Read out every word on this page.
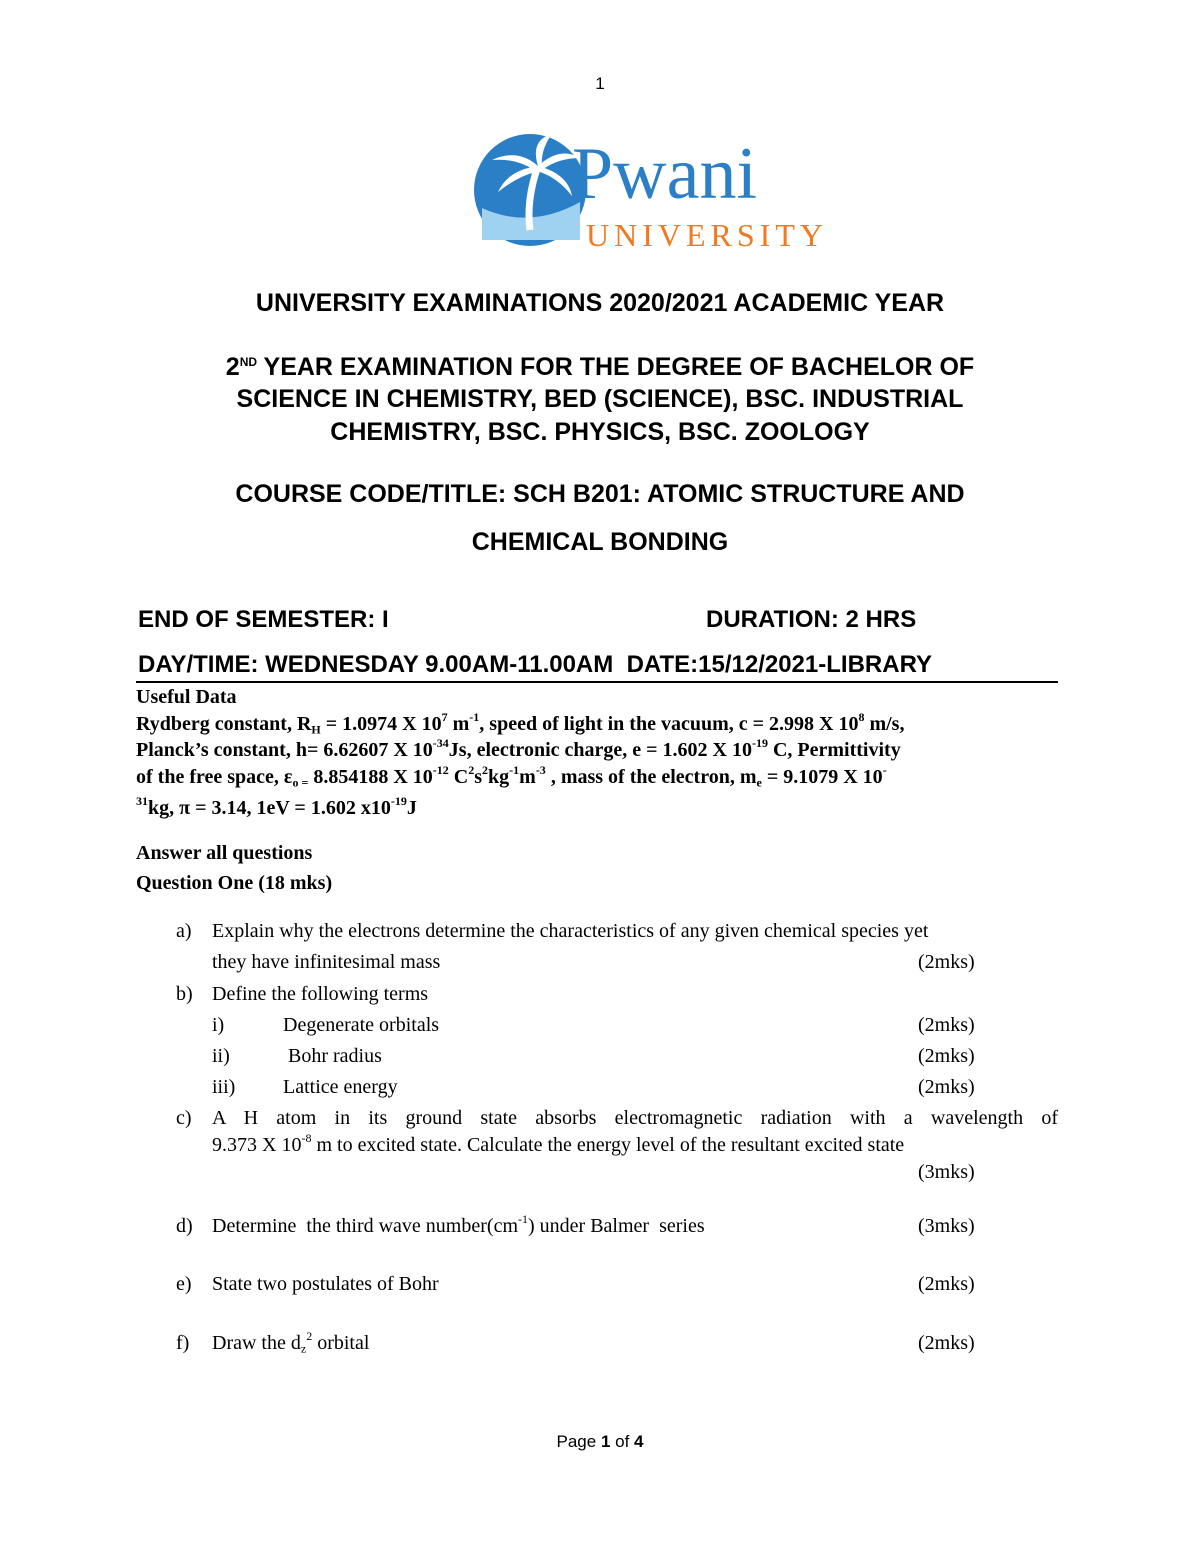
1
Pwani
UNIVERSITY
UNIVERSITY EXAMINATIONS 2020/2021 ACADEMIC YEAR
2ND YEAR EXAMINATION FOR THE DEGREE OF BACHELOR OF
SCIENCE IN CHEMISTRY, BED (SCIENCE), BSC. INDUSTRIAL
CHEMISTRY, BSC. PHYSICS, BSC. ZOOLOGY
COURSE CODE/TITLE: SCH B201: ATOMIC STRUCTURE AND
CHEMICAL BONDING
END OF SEMESTER: I	DURATION: 2 HRS
DAY/TIME: WEDNESDAY 9.00AM-11.00AM  DATE:15/12/2021-LIBRARY
Useful Data
Rydberg constant, $R_H = 1.0974$ X $10^7$ $m^{-1}$, speed of light in the vacuum, c = 2.998 X $10^8$ m/s,
Planck’s constant, h= 6.62607 X $10^{-34}Js$, electronic charge, e = 1.602 X $10^{-19}$ C, Permittivity
of the free space, $\varepsilon_{o =}$ 8.854188 X $10^{-12}$ $C^2s^2kg^{-1}m^{-3}$ , mass of the electron, $m_e = 9.1079$ X 10-
$^{31}$kg, π = 3.14, 1eV = 1.602 $x10^{-19}J$
Answer all questions
Question One (18 mks)
a) Explain why the electrons determine the characteristics of any given chemical species yet
they have infinitesimal mass	(2mks)
b) Define the following terms
i)	Degenerate orbitals	(2mks)
ii)	Bohr radius	(2mks)
iii) Lattice energy	(2mks)
c) A H atom in its ground state absorbs electromagnetic radiation with a wavelength of
9.373 X $10^{-8}$ m to excited state. Calculate the energy level of the resultant excited state
(3mks)
d) Determine  the third wave $number(cm^{-1})$ under Balmer  series	(3mks)
e) State two postulates of Bohr	(2mks)
f) Draw the $d_z^2$ orbital	(2mks)
Page 1 of 4
